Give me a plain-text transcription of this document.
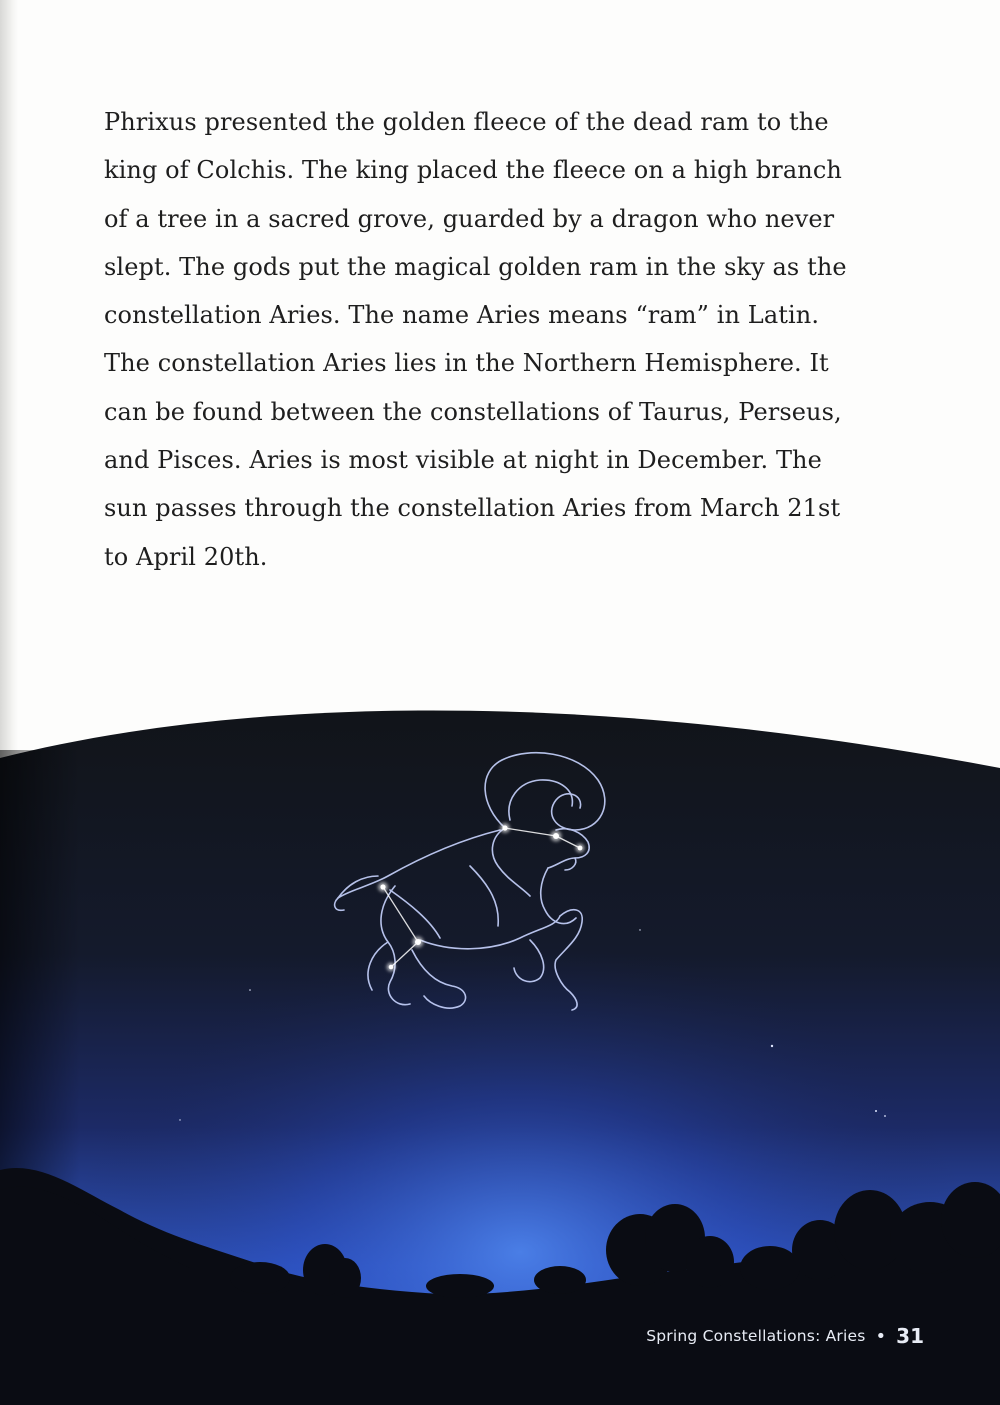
Phrixus presented the golden fleece of the dead ram to the
king of Colchis. The king placed the fleece on a high branch
of a tree in a sacred grove, guarded by a dragon who never
slept. The gods put the magical golden ram in the sky as the
constellation Aries. The name Aries means “ram” in Latin.
The constellation Aries lies in the Northern Hemisphere. It
can be found between the constellations of Taurus, Perseus,
and Pisces. Aries is most visible at night in December. The
sun passes through the constellation Aries from March 21st
to April 20th.

Spring Constellations: Aries • 31
